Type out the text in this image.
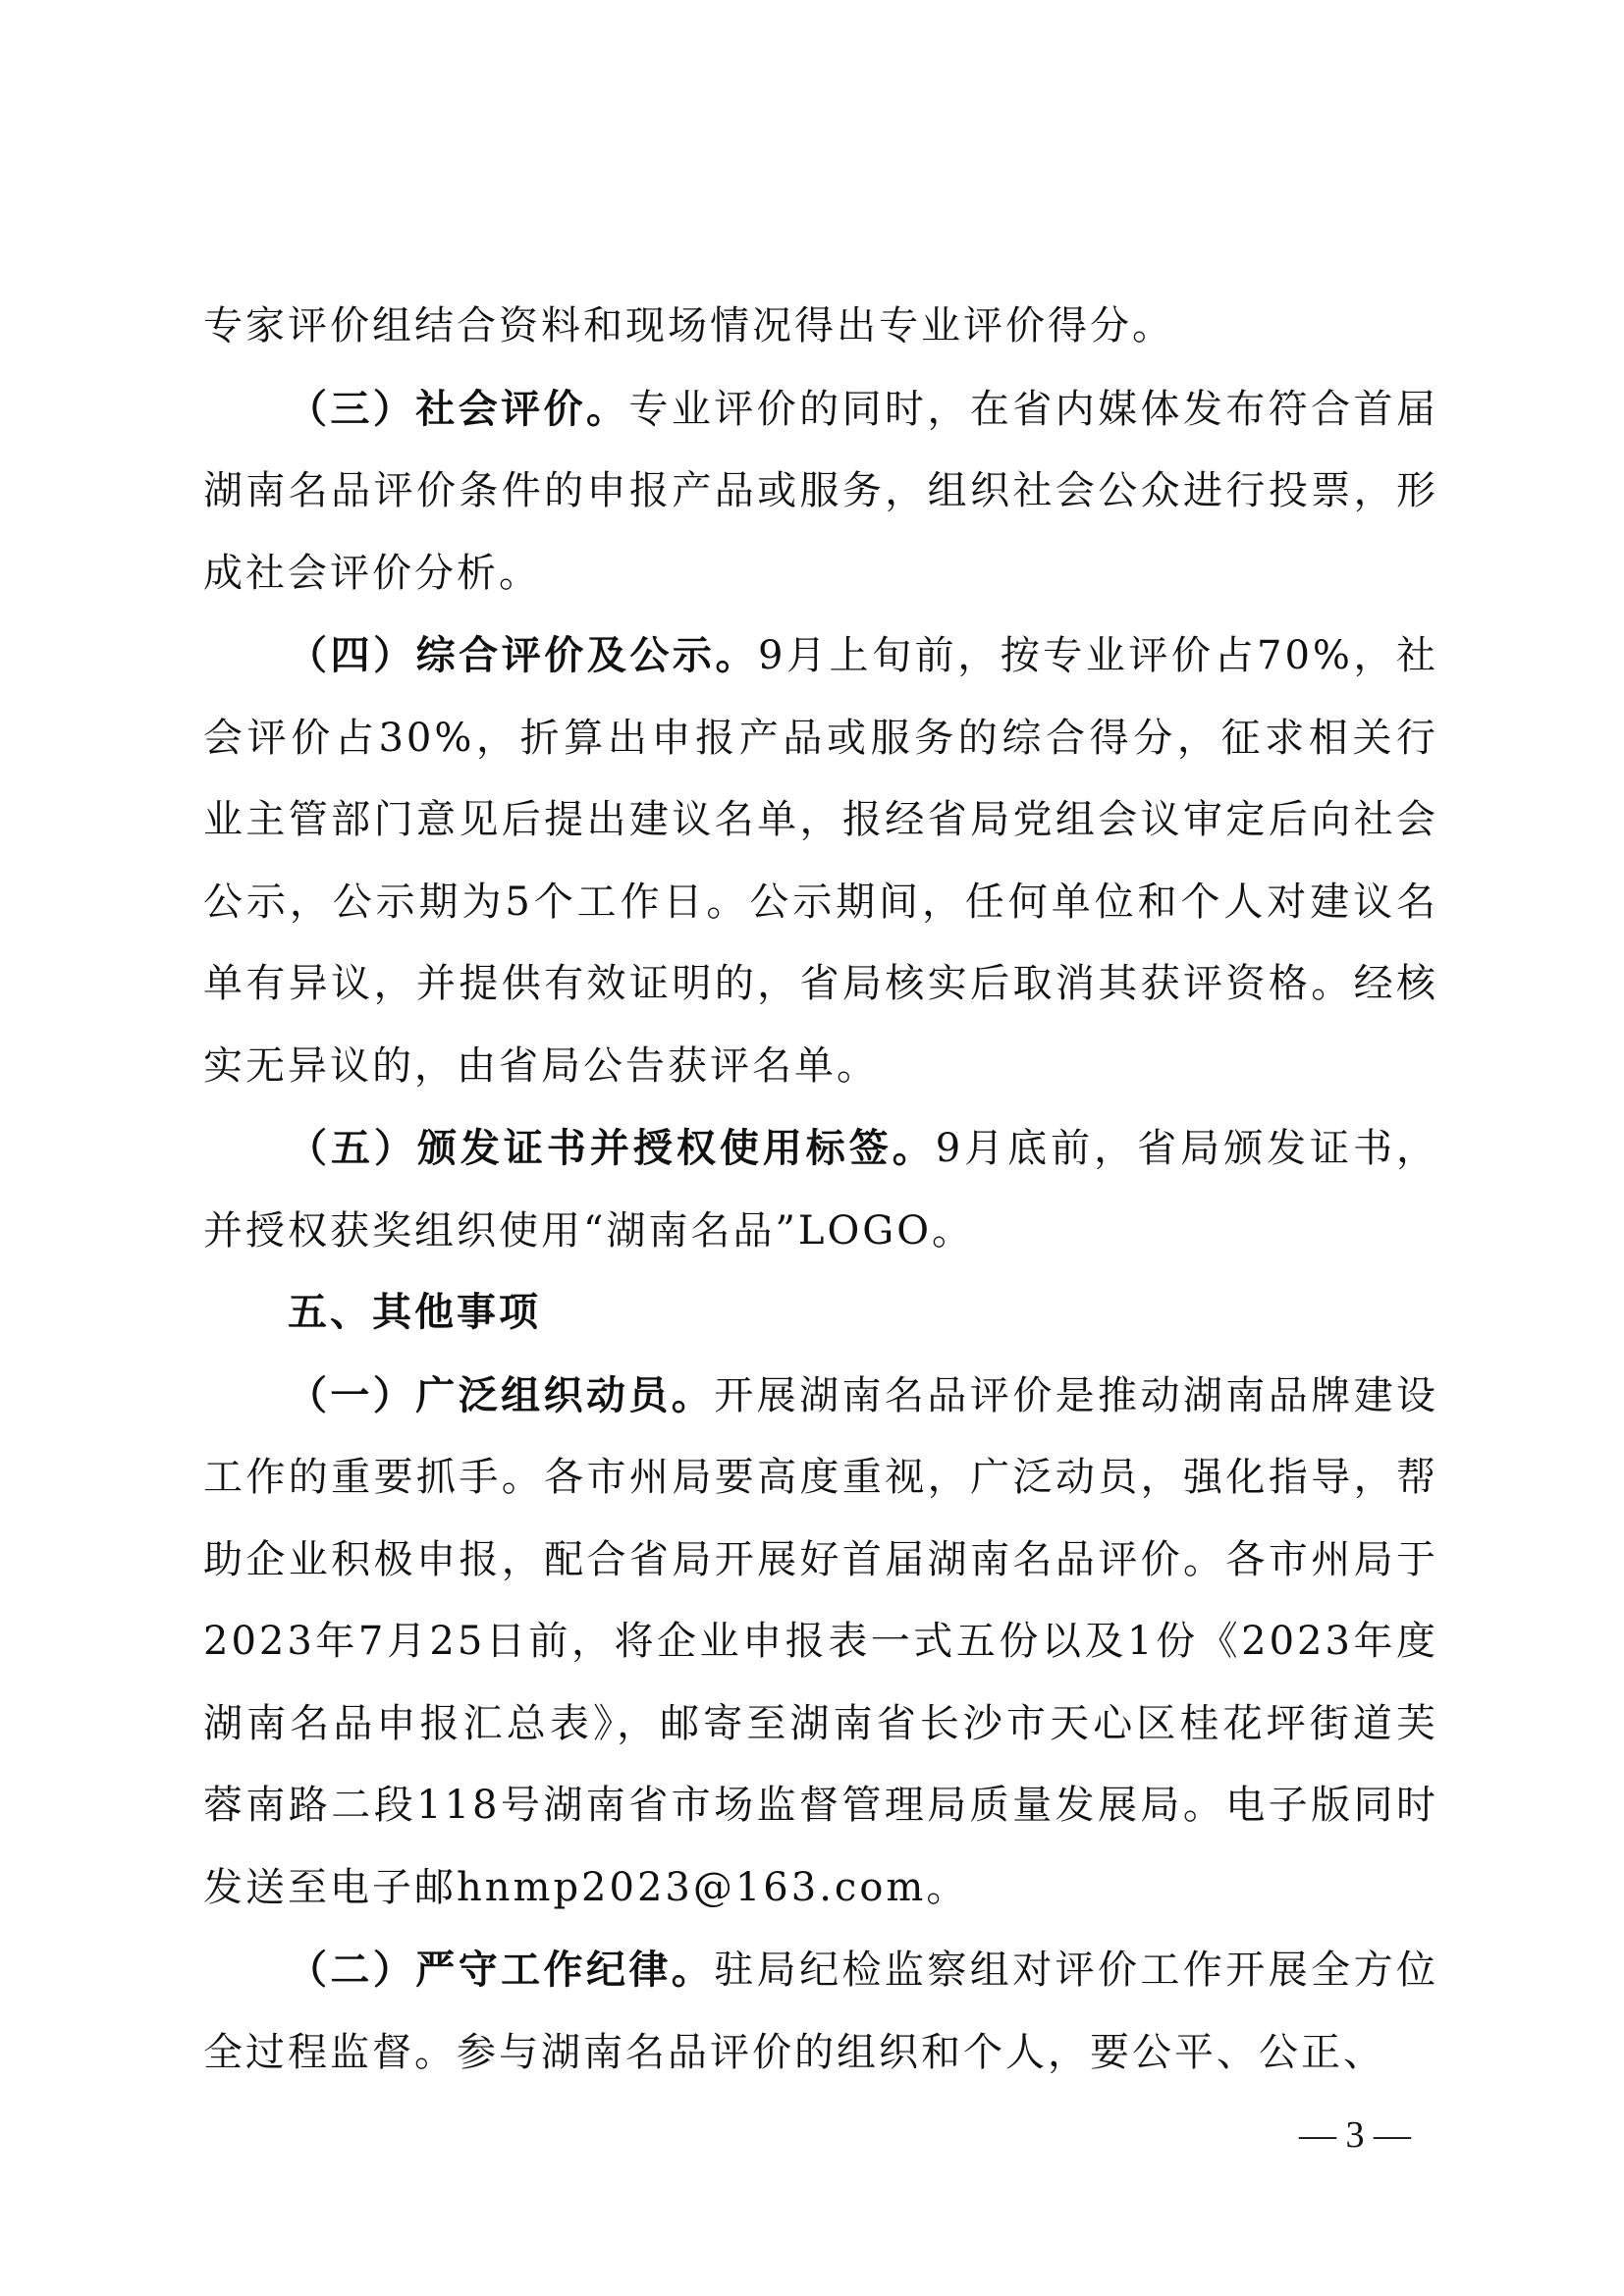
专家评价组结合资料和现场情况得出专业评价得分。

（三）社会评价。专业评价的同时，在省内媒体发布符合首届湖南名品评价条件的申报产品或服务，组织社会公众进行投票，形成社会评价分析。

（四）综合评价及公示。9月上旬前，按专业评价占70%，社会评价占30%，折算出申报产品或服务的综合得分，征求相关行业主管部门意见后提出建议名单，报经省局党组会议审定后向社会公示，公示期为5个工作日。公示期间，任何单位和个人对建议名单有异议，并提供有效证明的，省局核实后取消其获评资格。经核实无异议的，由省局公告获评名单。

（五）颁发证书并授权使用标签。9月底前，省局颁发证书，并授权获奖组织使用“湖南名品”LOGO。

五、其他事项

（一）广泛组织动员。开展湖南名品评价是推动湖南品牌建设工作的重要抓手。各市州局要高度重视，广泛动员，强化指导，帮助企业积极申报，配合省局开展好首届湖南名品评价。各市州局于2023年7月25日前，将企业申报表一式五份以及1份《2023年度湖南名品申报汇总表》，邮寄至湖南省长沙市天心区桂花坪街道芙蓉南路二段118号湖南省市场监督管理局质量发展局。电子版同时发送至电子邮hnmp2023@163.com。

（二）严守工作纪律。驻局纪检监察组对评价工作开展全方位全过程监督。参与湖南名品评价的组织和个人，要公平、公正、

— 3 —
